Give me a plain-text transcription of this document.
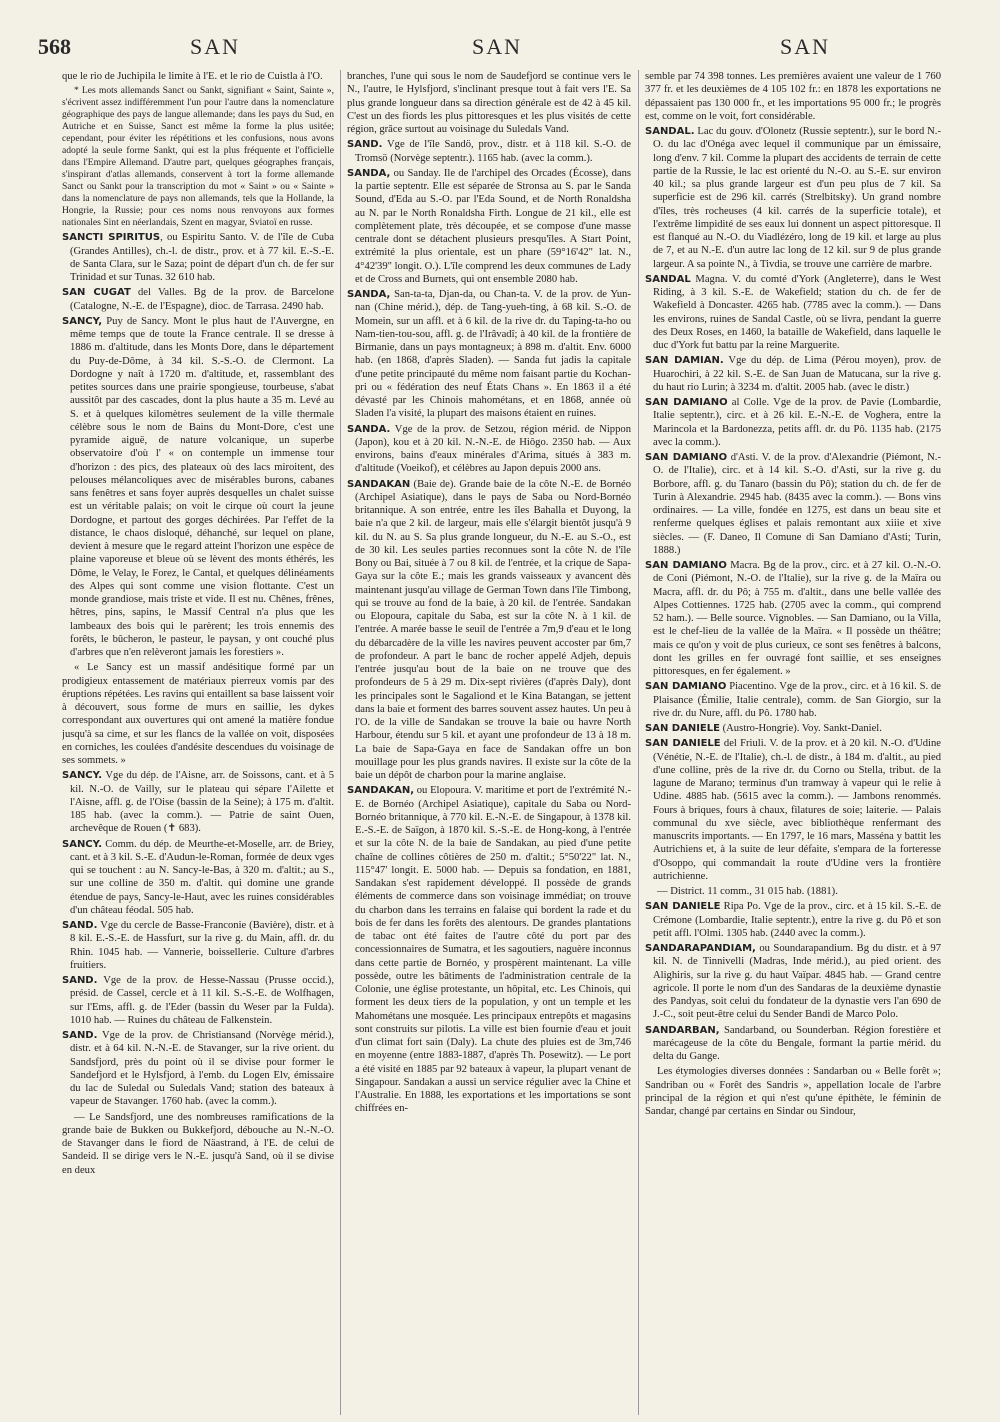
568	SAN	SAN	SAN

que le rio de Juchipila le limite à l'E. et le rio de Cuistla à l'O.

* Les mots allemands Sanct ou Sankt, signifiant « Saint, Sainte », s'écrivent assez indifféremment l'un pour l'autre dans la nomenclature géographique des pays de langue allemande; dans les pays du Sud, en Autriche et en Suisse, Sanct est même la forme la plus usitée; cependant, pour éviter les répétitions et les confusions, nous avons adopté la seule forme Sankt, qui est la plus fréquente et l'officielle dans l'Empire Allemand. D'autre part, quelques géographes français, s'inspirant d'atlas allemands, conservent à tort la forme allemande Sanct ou Sankt pour la transcription du mot « Saint » ou « Sainte » dans la nomenclature de pays non allemands, tels que la Hollande, la Hongrie, la Russie; pour ces noms nous renvoyons aux formes nationales Sint en néerlandais, Szent en magyar, Sviatoï en russe.

SANCTI SPIRITUS, ou Espiritu Santo. V. de l'île de Cuba (Grandes Antilles), ch.-l. de distr., prov. et à 77 kil. E.-S.-E. de Santa Clara, sur le Saza; point de départ d'un ch. de fer sur Trinidad et sur Tunas. 32 610 hab.

SAN CUGAT del Valles. Bg de la prov. de Barcelone (Catalogne, N.-E. de l'Espagne), dioc. de Tarrasa. 2490 hab.

SANCY, Puy de Sancy. Mont le plus haut de l'Auvergne, en même temps que de toute la France centrale. Il se dresse à 1886 m. d'altitude, dans les Monts Dore, dans le département du Puy-de-Dôme, à 34 kil. S.-S.-O. de Clermont. La Dordogne y naît à 1720 m. d'altitude, et, rassemblant des petites sources dans une prairie spongieuse, tourbeuse, s'abat aussitôt par des cascades, dont la plus haute a 35 m. Levé au S. et à quelques kilomètres seulement de la ville thermale célèbre sous le nom de Bains du Mont-Dore, c'est une pyramide aiguë, de nature volcanique, un superbe observatoire d'où l' « on contemple un immense tour d'horizon : des pics, des plateaux où des lacs miroitent, des pelouses mélancoliques avec de misérables burons, cabanes sans fenêtres et sans foyer auprès desquelles un chalet suisse est un véritable palais; on voit le cirque où court la jeune Dordogne, et partout des gorges déchirées. Par l'effet de la distance, le chaos disloqué, déhanché, sur lequel on plane, devient à mesure que le regard atteint l'horizon une espèce de plaine vaporeuse et bleue où se lèvent des monts éthérés, les Dôme, le Velay, le Forez, le Cantal, et quelques délinéaments des Alpes qui sont comme une vision flottante. C'est un monde grandiose, mais triste et vide. Il est nu. Chênes, frênes, hêtres, pins, sapins, le Massif Central n'a plus que les lambeaux des bois qui le parèrent; les trois ennemis des forêts, le bûcheron, le pasteur, le paysan, y ont couché plus d'arbres que n'en relèveront jamais les forestiers ».

« Le Sancy est un massif andésitique formé par un prodigieux entassement de matériaux pierreux vomis par des éruptions répétées. Les ravins qui entaillent sa base laissent voir à découvert, sous forme de murs en saillie, les dykes correspondant aux ouvertures qui ont amené la matière fondue jusqu'à sa cime, et sur les flancs de la vallée on voit, disposées en corniches, les coulées d'andésite descendues du voisinage de ses sommets. »

SANCY. Vge du dép. de l'Aisne, arr. de Soissons, cant. et à 5 kil. N.-O. de Vailly, sur le plateau qui sépare l'Ailette et l'Aisne, affl. g. de l'Oise (bassin de la Seine); à 175 m. d'altit. 185 hab. (avec la comm.). — Patrie de saint Ouen, archevêque de Rouen (✝ 683).

SANCY. Comm. du dép. de Meurthe-et-Moselle, arr. de Briey, cant. et à 3 kil. S.-E. d'Audun-le-Roman, formée de deux vges qui se touchent : au N. Sancy-le-Bas, à 320 m. d'altit.; au S., sur une colline de 350 m. d'altit. qui domine une grande étendue de pays, Sancy-le-Haut, avec les ruines considérables d'un château féodal. 505 hab.

SAND. Vge du cercle de Basse-Franconie (Bavière), distr. et à 8 kil. E.-S.-E. de Hassfurt, sur la rive g. du Main, affl. dr. du Rhin. 1045 hab. — Vannerie, boissellerie. Culture d'arbres fruitiers.

SAND. Vge de la prov. de Hesse-Nassau (Prusse occid.), présid. de Cassel, cercle et à 11 kil. S.-S.-E. de Wolfhagen, sur l'Ems, affl. g. de l'Eder (bassin du Weser par la Fulda). 1010 hab. — Ruines du château de Falkenstein.

SAND. Vge de la prov. de Christiansand (Norvège mérid.), distr. et à 64 kil. N.-N.-E. de Stavanger, sur la rive orient. du Sandsfjord, près du point où il se divise pour former le Sandefjord et le Hylsfjord, à l'emb. du Logen Elv, émissaire du lac de Suledal ou Suledals Vand; station des bateaux à vapeur de Stavanger. 1760 hab. (avec la comm.).

— Le Sandsfjord, une des nombreuses ramifications de la grande baie de Bukken ou Bukkefjord, débouche au N.-N.-O. de Stavanger dans le fiord de Näastrand, à l'E. de celui de Sandeid. Il se dirige vers le N.-E. jusqu'à Sand, où il se divise en deux

branches, l'une qui sous le nom de Saudefjord se continue vers le N., l'autre, le Hylsfjord, s'inclinant presque tout à fait vers l'E. Sa plus grande longueur dans sa direction générale est de 42 à 45 kil. C'est un des fiords les plus pittoresques et les plus visités de cette région, grâce surtout au voisinage du Suledals Vand.

SAND. Vge de l'île Sandö, prov., distr. et à 118 kil. S.-O. de Tromsö (Norvège septentr.). 1165 hab. (avec la comm.).

SANDA, ou Sanday. Ile de l'archipel des Orcades (Écosse), dans la partie septentr. Elle est séparée de Stronsa au S. par le Sanda Sound, d'Eda au S.-O. par l'Eda Sound, et de North Ronaldsha au N. par le North Ronaldsha Firth. Longue de 21 kil., elle est complètement plate, très découpée, et se compose d'une masse centrale dont se détachent plusieurs presqu'îles. A Start Point, extrémité la plus orientale, est un phare (59°16'42" lat. N., 4°42'39" longit. O.). L'île comprend les deux communes de Lady et de Cross and Burnets, qui ont ensemble 2080 hab.

SANDA, San-ta-ta, Djan-da, ou Chan-ta. V. de la prov. de Yun-nan (Chine mérid.), dép. de Tang-yueh-ting, à 68 kil. S.-O. de Momein, sur un affl. et à 6 kil. de la rive dr. du Taping-ta-ho ou Nam-tien-tou-sou, affl. g. de l'Irâvadî; à 40 kil. de la frontière de Birmanie, dans un pays montagneux; à 898 m. d'altit. Env. 6000 hab. (en 1868, d'après Sladen). — Sanda fut jadis la capitale d'une petite principauté du même nom faisant partie du Kochan-pri ou « fédération des neuf États Chans ». En 1863 il a été dévasté par les Chinois mahométans, et en 1868, année où Sladen l'a visité, la plupart des maisons étaient en ruines.

SANDA. Vge de la prov. de Setzou, région mérid. de Nippon (Japon), kou et à 20 kil. N.-N.-E. de Hiôgo. 2350 hab. — Aux environs, bains d'eaux minérales d'Arima, situés à 383 m. d'altitude (Voeikof), et célèbres au Japon depuis 2000 ans.

SANDAKAN (Baie de). Grande baie de la côte N.-E. de Bornéo (Archipel Asiatique), dans le pays de Saba ou Nord-Bornéo britannique. A son entrée, entre les îles Bahalla et Duyong, la baie n'a que 2 kil. de largeur, mais elle s'élargit bientôt jusqu'à 9 kil. du N. au S. Sa plus grande longueur, du N.-E. au S.-O., est de 30 kil. Les seules parties reconnues sont la côte N. de l'île Bony ou Bai, située à 7 ou 8 kil. de l'entrée, et la crique de Sapa-Gaya sur la côte E.; mais les grands vaisseaux y avancent dès maintenant jusqu'au village de German Town dans l'île Timbong, qui se trouve au fond de la baie, à 20 kil. de l'entrée. Sandakan ou Elopoura, capitale du Saba, est sur la côte N. à 1 kil. de l'entrée. A marée basse le seuil de l'entrée a 7m,9 d'eau et le long du débarcadère de la ville les navires peuvent accoster par 6m,7 de profondeur. A part le banc de rocher appelé Adjeh, depuis l'entrée jusqu'au bout de la baie on ne trouve que des profondeurs de 5 à 29 m. Dix-sept rivières (d'après Daly), dont les principales sont le Sagaliond et le Kina Batangan, se jettent dans la baie et forment des barres souvent assez hautes. Un peu à l'O. de la ville de Sandakan se trouve la baie ou havre North Harbour, étendu sur 5 kil. et ayant une profondeur de 13 à 18 m. La baie de Sapa-Gaya en face de Sandakan offre un bon mouillage pour les plus grands navires. Il existe sur la côte de la baie un dépôt de charbon pour la marine anglaise.

SANDAKAN, ou Elopoura. V. maritime et port de l'extrémité N.-E. de Bornéo (Archipel Asiatique), capitale du Saba ou Nord-Bornéo britannique, à 770 kil. E.-N.-E. de Singapour, à 1378 kil. E.-S.-E. de Saïgon, à 1870 kil. S.-S.-E. de Hong-kong, à l'entrée et sur la côte N. de la baie de Sandakan, au pied d'une petite chaîne de collines côtières de 250 m. d'altit.; 5°50'22" lat. N., 115°47' longit. E. 5000 hab. — Depuis sa fondation, en 1881, Sandakan s'est rapidement développé. Il possède de grands éléments de commerce dans son voisinage immédiat; on trouve du charbon dans les terrains en falaise qui bordent la rade et du bois de fer dans les forêts des alentours. De grandes plantations de tabac ont été faites de l'autre côté du port par des concessionnaires de Sumatra, et les sagoutiers, naguère inconnus dans cette partie de Bornéo, y prospèrent maintenant. La ville possède, outre les bâtiments de l'administration centrale de la Colonie, une église protestante, un hôpital, etc. Les Chinois, qui forment les deux tiers de la population, y ont un temple et les Mahométans une mosquée. Les principaux entrepôts et magasins sont construits sur pilotis. La ville est bien fournie d'eau et jouit d'un climat fort sain (Daly). La chute des pluies est de 3m,746 en moyenne (entre 1883-1887, d'après Th. Posewitz). — Le port a été visité en 1885 par 92 bateaux à vapeur, la plupart venant de Singapour. Sandakan a aussi un service régulier avec la Chine et l'Australie. En 1888, les exportations et les importations se sont chiffrées en-

semble par 74 398 tonnes. Les premières avaient une valeur de 1 760 377 fr. et les deuxièmes de 4 105 102 fr.: en 1878 les exportations ne dépassaient pas 130 000 fr., et les importations 95 000 fr.; le progrès est, comme on le voit, fort considérable.

SANDAL. Lac du gouv. d'Olonetz (Russie septentr.), sur le bord N.-O. du lac d'Onéga avec lequel il communique par un émissaire, long d'env. 7 kil. Comme la plupart des accidents de terrain de cette partie de la Russie, le lac est orienté du N.-O. au S.-E. sur environ 40 kil.; sa plus grande largeur est d'un peu plus de 7 kil. Sa superficie est de 296 kil. carrés (Strelbitsky). Un grand nombre d'îles, très rocheuses (4 kil. carrés de la superficie totale), et l'extrême limpidité de ses eaux lui donnent un aspect pittoresque. Il est flanqué au N.-O. du Viadlézéro, long de 19 kil. et large au plus de 7, et au N.-E. d'un autre lac long de 12 kil. sur 9 de plus grande largeur. A sa pointe N., à Tivdia, se trouve une carrière de marbre.

SANDAL Magna. V. du comté d'York (Angleterre), dans le West Riding, à 3 kil. S.-E. de Wakefield; station du ch. de fer de Wakefield à Doncaster. 4265 hab. (7785 avec la comm.). — Dans les environs, ruines de Sandal Castle, où se livra, pendant la guerre des Deux Roses, en 1460, la bataille de Wakefield, dans laquelle le duc d'York fut battu par la reine Marguerite.

SAN DAMIAN. Vge du dép. de Lima (Pérou moyen), prov. de Huarochiri, à 22 kil. S.-E. de San Juan de Matucana, sur la rive g. du haut rio Lurin; à 3234 m. d'altit. 2005 hab. (avec le distr.)

SAN DAMIANO al Colle. Vge de la prov. de Pavie (Lombardie, Italie septentr.), circ. et à 26 kil. E.-N.-E. de Voghera, entre la Marincola et la Bardonezza, petits affl. dr. du Pô. 1135 hab. (2175 avec la comm.).

SAN DAMIANO d'Asti. V. de la prov. d'Alexandrie (Piémont, N.-O. de l'Italie), circ. et à 14 kil. S.-O. d'Asti, sur la rive g. du Borbore, affl. g. du Tanaro (bassin du Pô); station du ch. de fer de Turin à Alexandrie. 2945 hab. (8435 avec la comm.). — Bons vins ordinaires. — La ville, fondée en 1275, est dans un beau site et renferme quelques églises et palais remontant aux xiiie et xive siècles. — (F. Daneo, Il Comune di San Damiano d'Asti; Turin, 1888.)

SAN DAMIANO Macra. Bg de la prov., circ. et à 27 kil. O.-N.-O. de Coni (Piémont, N.-O. de l'Italie), sur la rive g. de la Maïra ou Macra, affl. dr. du Pô; à 755 m. d'altit., dans une belle vallée des Alpes Cottiennes. 1725 hab. (2705 avec la comm., qui comprend 52 ham.). — Belle source. Vignobles. — San Damiano, ou la Villa, est le chef-lieu de la vallée de la Maïra. « Il possède un théâtre; mais ce qu'on y voit de plus curieux, ce sont ses fenêtres à balcons, dont les grilles en fer ouvragé font saillie, et ses enseignes pittoresques, en fer également. »

SAN DAMIANO Piacentino. Vge de la prov., circ. et à 16 kil. S. de Plaisance (Émilie, Italie centrale), comm. de San Giorgio, sur la rive dr. du Nure, affl. du Pô. 1780 hab.

SAN DANIELE (Austro-Hongrie). Voy. Sankt-Daniel.

SAN DANIELE del Friuli. V. de la prov. et à 20 kil. N.-O. d'Udine (Vénétie, N.-E. de l'Italie), ch.-l. de distr., à 184 m. d'altit., au pied d'une colline, près de la rive dr. du Corno ou Stella, tribut. de la lagune de Marano; terminus d'un tramway à vapeur qui le relie à Udine. 4885 hab. (5615 avec la comm.). — Jambons renommés. Fours à briques, fours à chaux, filatures de soie; laiterie. — Palais communal du xve siècle, avec bibliothèque renfermant des manuscrits importants. — En 1797, le 16 mars, Masséna y battit les Autrichiens et, à la suite de leur défaite, s'empara de la forteresse d'Osoppo, qui commandait la route d'Udine vers la frontière autrichienne.

— District. 11 comm., 31 015 hab. (1881).

SAN DANIELE Ripa Po. Vge de la prov., circ. et à 15 kil. S.-E. de Crémone (Lombardie, Italie septentr.), entre la rive g. du Pô et son petit affl. l'Olmi. 1305 hab. (2440 avec la comm.).

SANDARAPANDIAM, ou Soundarapandium. Bg du distr. et à 97 kil. N. de Tinnivelli (Madras, Inde mérid.), au pied orient. des Alighiris, sur la rive g. du haut Vaïpar. 4845 hab. — Grand centre agricole. Il porte le nom d'un des Sandaras de la deuxième dynastie des Pandyas, soit celui du fondateur de la dynastie vers l'an 690 de J.-C., soit peut-être celui du Sender Bandi de Marco Polo.

SANDARBAN, Sandarband, ou Sounderban. Région forestière et marécageuse de la côte du Bengale, formant la partie mérid. du delta du Gange.

Les étymologies diverses données : Sandarban ou « Belle forêt »; Sandriban ou « Forêt des Sandris », appellation locale de l'arbre principal de la région et qui n'est qu'une épithète, le féminin de Sandar, changé par certains en Sindar ou Sindour,
